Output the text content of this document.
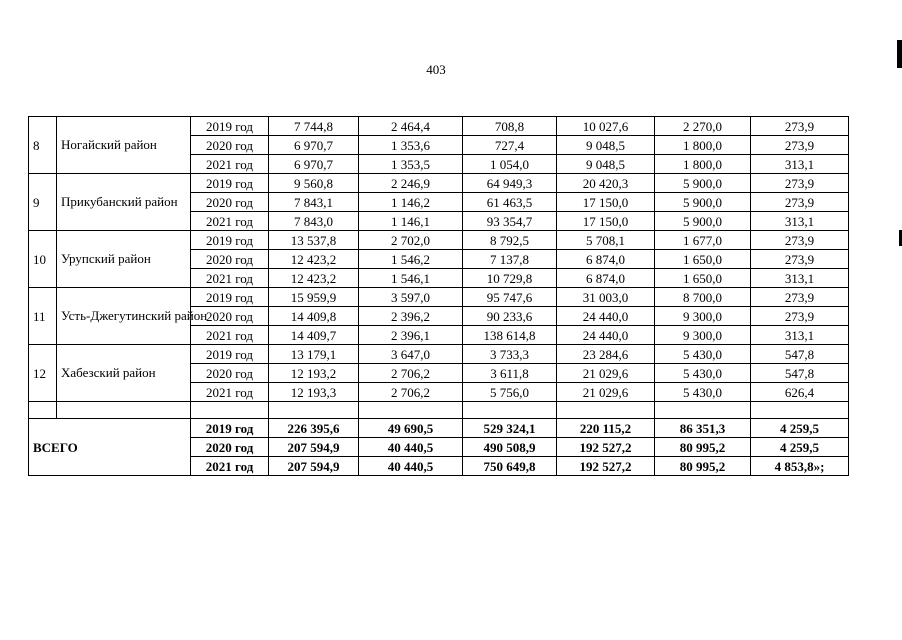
403
8	Ногайский район	2019 год	7 744,8	2 464,4	708,8	10 027,6	2 270,0	273,9
		2020 год	6 970,7	1 353,6	727,4	9 048,5	1 800,0	273,9
		2021 год	6 970,7	1 353,5	1 054,0	9 048,5	1 800,0	313,1
9	Прикубанский район	2019 год	9 560,8	2 246,9	64 949,3	20 420,3	5 900,0	273,9
		2020 год	7 843,1	1 146,2	61 463,5	17 150,0	5 900,0	273,9
		2021 год	7 843,0	1 146,1	93 354,7	17 150,0	5 900,0	313,1
10	Урупский район	2019 год	13 537,8	2 702,0	8 792,5	5 708,1	1 677,0	273,9
		2020 год	12 423,2	1 546,2	7 137,8	6 874,0	1 650,0	273,9
		2021 год	12 423,2	1 546,1	10 729,8	6 874,0	1 650,0	313,1
11	Усть-Джегутинский район	2019 год	15 959,9	3 597,0	95 747,6	31 003,0	8 700,0	273,9
		2020 год	14 409,8	2 396,2	90 233,6	24 440,0	9 300,0	273,9
		2021 год	14 409,7	2 396,1	138 614,8	24 440,0	9 300,0	313,1
12	Хабезский район	2019 год	13 179,1	3 647,0	3 733,3	23 284,6	5 430,0	547,8
		2020 год	12 193,2	2 706,2	3 611,8	21 029,6	5 430,0	547,8
		2021 год	12 193,3	2 706,2	5 756,0	21 029,6	5 430,0	626,4

ВСЕГО		2019 год	226 395,6	49 690,5	529 324,1	220 115,2	86 351,3	4 259,5
		2020 год	207 594,9	40 440,5	490 508,9	192 527,2	80 995,2	4 259,5
		2021 год	207 594,9	40 440,5	750 649,8	192 527,2	80 995,2	4 853,8»;
